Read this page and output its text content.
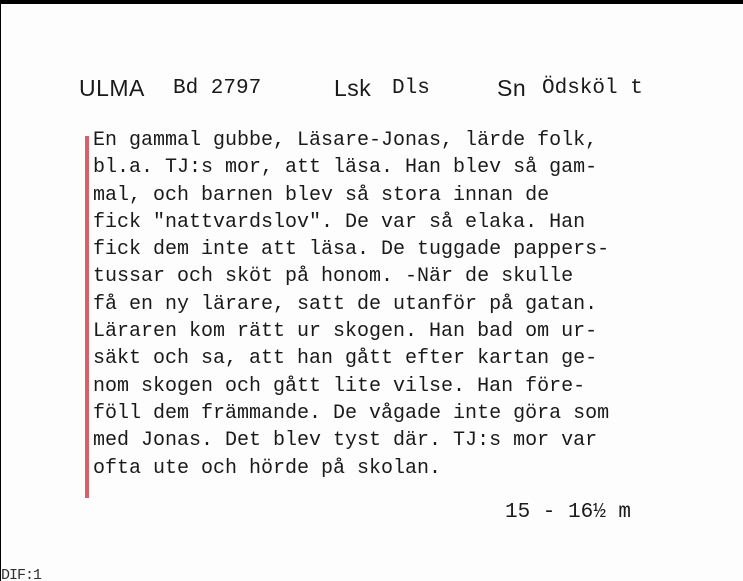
ULMA Bd 2797	Lsk Dls	Sn Ödsköl t
En gammal gubbe, Läsare-Jonas, lärde folk,
bl.a. TJ:s mor, att läsa. Han blev så gam-
mal, och barnen blev så stora innan de
fick "nattvardslov". De var så elaka. Han
fick dem inte att läsa. De tuggade pappers-
tussar och sköt på honom. -När de skulle
få en ny lärare, satt de utanför på gatan.
Läraren kom rätt ur skogen. Han bad om ur-
säkt och sa, att han gått efter kartan ge-
nom skogen och gått lite vilse. Han före-
föll dem främmande. De vågade inte göra som
med Jonas. Det blev tyst där. TJ:s mor var
ofta ute och hörde på skolan.
15 - 16½ m
DIF:1
